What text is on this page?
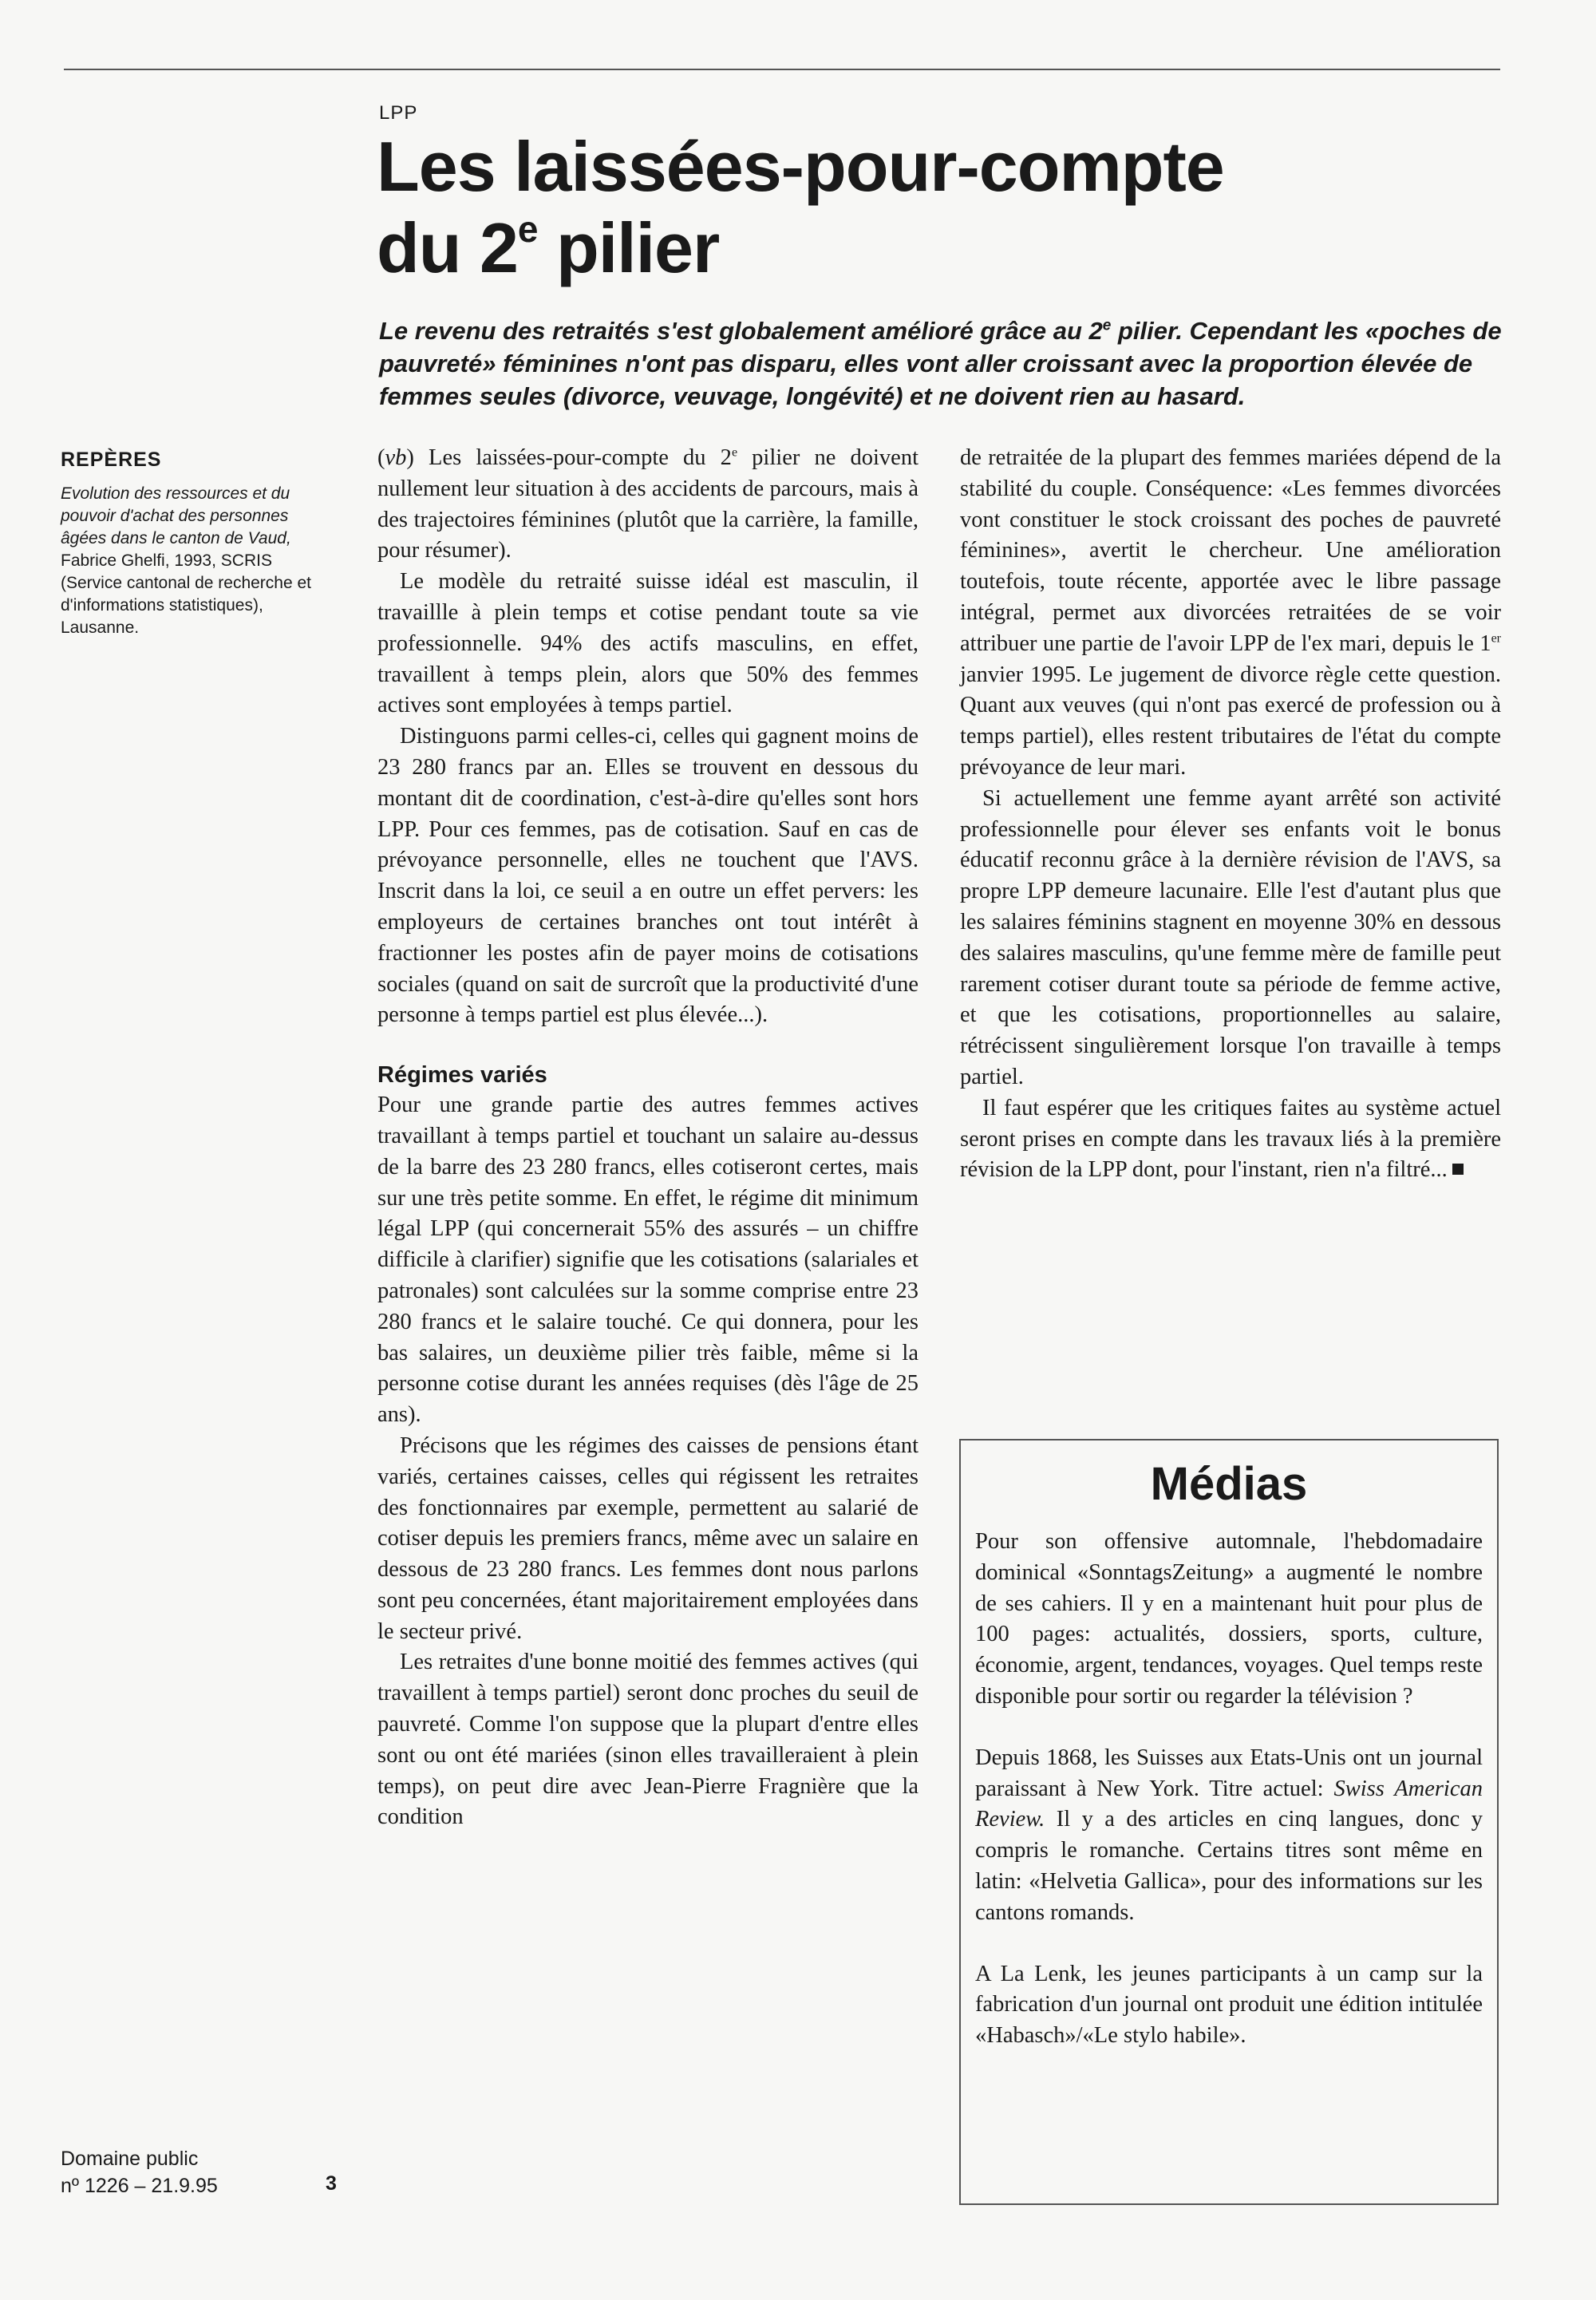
LPP
Les laissées-pour-compte
du 2e pilier
Le revenu des retraités s'est globalement amélioré grâce au 2e pilier. Cependant les «poches de pauvreté» féminines n'ont pas disparu, elles vont aller croissant avec la proportion élevée de femmes seules (divorce, veuvage, longévité) et ne doivent rien au hasard.
REPÈRES
Evolution des ressources et du pouvoir d'achat des personnes âgées dans le canton de Vaud, Fabrice Ghelfi, 1993, SCRIS (Service cantonal de recherche et d'informations statistiques), Lausanne.

(vb) Les laissées-pour-compte du 2e pilier ne doivent nullement leur situation à des accidents de parcours, mais à des trajectoires féminines (plutôt que la carrière, la famille, pour résumer).

Le modèle du retraité suisse idéal est masculin, il travaillle à plein temps et cotise pendant toute sa vie professionnelle. 94% des actifs masculins, en effet, travaillent à temps plein, alors que 50% des femmes actives sont employées à temps partiel.

Distinguons parmi celles-ci, celles qui gagnent moins de 23 280 francs par an. Elles se trouvent en dessous du montant dit de coordination, c'est-à-dire qu'elles sont hors LPP. Pour ces femmes, pas de cotisation. Sauf en cas de prévoyance personnelle, elles ne touchent que l'AVS. Inscrit dans la loi, ce seuil a en outre un effet pervers: les employeurs de certaines branches ont tout intérêt à fractionner les postes afin de payer moins de cotisations sociales (quand on sait de surcroît que la productivité d'une personne à temps partiel est plus élevée...).

Régimes variés

Pour une grande partie des autres femmes actives travaillant à temps partiel et touchant un salaire au-dessus de la barre des 23 280 francs, elles cotiseront certes, mais sur une très petite somme. En effet, le régime dit minimum légal LPP (qui concernerait 55% des assurés – un chiffre difficile à clarifier) signifie que les cotisations (salariales et patronales) sont calculées sur la somme comprise entre 23 280 francs et le salaire touché. Ce qui donnera, pour les bas salaires, un deuxième pilier très faible, même si la personne cotise durant les années requises (dès l'âge de 25 ans).

Précisons que les régimes des caisses de pensions étant variés, certaines caisses, celles qui régissent les retraites des fonctionnaires par exemple, permettent au salarié de cotiser depuis les premiers francs, même avec un salaire en dessous de 23 280 francs. Les femmes dont nous parlons sont peu concernées, étant majoritairement employées dans le secteur privé.

Les retraites d'une bonne moitié des femmes actives (qui travaillent à temps partiel) seront donc proches du seuil de pauvreté. Comme l'on suppose que la plupart d'entre elles sont ou ont été mariées (sinon elles travailleraient à plein temps), on peut dire avec Jean-Pierre Fragnière que la condition

de retraitée de la plupart des femmes mariées dépend de la stabilité du couple. Conséquence: «Les femmes divorcées vont constituer le stock croissant des poches de pauvreté féminines», avertit le chercheur. Une amélioration toutefois, toute récente, apportée avec le libre passage intégral, permet aux divorcées retraitées de se voir attribuer une partie de l'avoir LPP de l'ex mari, depuis le 1er janvier 1995. Le jugement de divorce règle cette question. Quant aux veuves (qui n'ont pas exercé de profession ou à temps partiel), elles restent tributaires de l'état du compte prévoyance de leur mari.

Si actuellement une femme ayant arrêté son activité professionnelle pour élever ses enfants voit le bonus éducatif reconnu grâce à la dernière révision de l'AVS, sa propre LPP demeure lacunaire. Elle l'est d'autant plus que les salaires féminins stagnent en moyenne 30% en dessous des salaires masculins, qu'une femme mère de famille peut rarement cotiser durant toute sa période de femme active, et que les cotisations, proportionnelles au salaire, rétrécissent singulièrement lorsque l'on travaille à temps partiel.

Il faut espérer que les critiques faites au système actuel seront prises en compte dans les travaux liés à la première révision de la LPP dont, pour l'instant, rien n'a filtré...

Médias

Pour son offensive automnale, l'hebdomadaire dominical «SonntagsZeitung» a augmenté le nombre de ses cahiers. Il y en a maintenant huit pour plus de 100 pages: actualités, dossiers, sports, culture, économie, argent, tendances, voyages. Quel temps reste disponible pour sortir ou regarder la télévision ?

Depuis 1868, les Suisses aux Etats-Unis ont un journal paraissant à New York. Titre actuel: Swiss American Review. Il y a des articles en cinq langues, donc y compris le romanche. Certains titres sont même en latin: «Helvetia Gallica», pour des informations sur les cantons romands.

A La Lenk, les jeunes participants à un camp sur la fabrication d'un journal ont produit une édition intitulée «Habasch»/«Le stylo habile».

Domaine public
nº 1226 – 21.9.95	3
